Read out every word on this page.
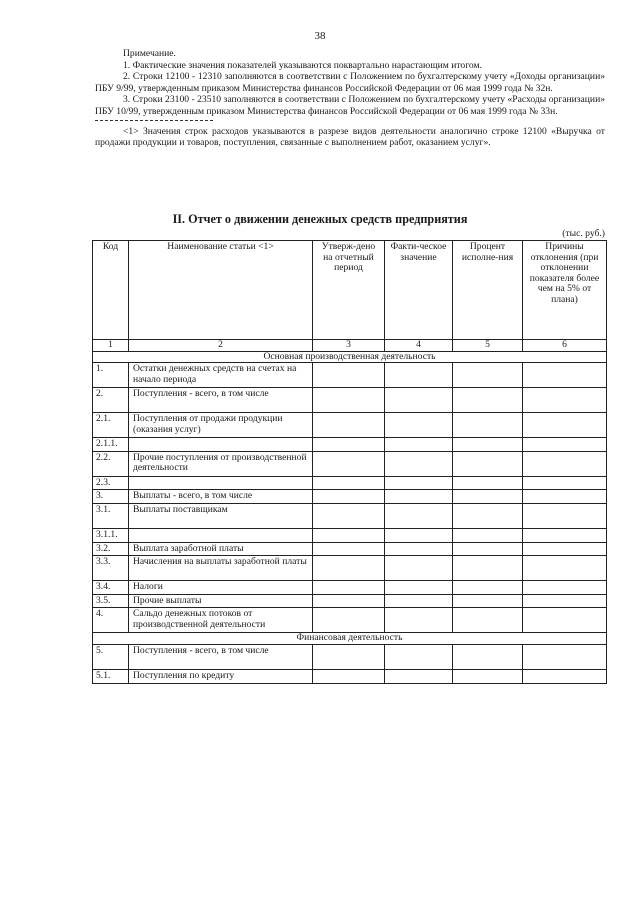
38

Примечание.

1. Фактические значения показателей указываются поквартально нарастающим итогом.

2. Строки 12100 - 12310 заполняются в соответствии с Положением по бухгалтерскому учету «Доходы организации» ПБУ 9/99, утвержденным приказом Министерства финансов Российской Федерации от 06 мая 1999 года № 32н.

3. Строки 23100 - 23510 заполняются в соответствии с Положением по бухгалтерскому учету «Расходы организации» ПБУ 10/99, утвержденным приказом Министерства финансов Российской Федерации от 06 мая 1999 года № 33н.

<1> Значения строк расходов указываются в разрезе видов деятельности аналогично строке 12100 «Выручка от продажи продукции и товаров, поступления, связанные с выполнением работ, оказанием услуг».

II. Отчет о движении денежных средств предприятия
(тыс. руб.)
Код	Наименование статьи <1>	Утверж-дено на отчетный период	Факти-ческое значение	Процент исполне-ния	Причины отклонения (при отклонении показателя более чем на 5% от плана)
1	2	3	4	5	6
Основная производственная деятельность					
1.	Остатки денежных средств на счетах на начало периода				
2.	Поступления - всего, в том числе				
2.1.	Поступления от продажи продукции (оказания услуг)				
2.1.1.					
2.2.	Прочие поступления от производственной деятельности				
2.3.					
3.	Выплаты - всего, в том числе				
3.1.	Выплаты поставщикам				
3.1.1.					
3.2.	Выплата заработной платы				
3.3.	Начисления на выплаты заработной платы				
3.4.	Налоги				
3.5.	Прочие выплаты				
4.	Сальдо денежных потоков от производственной деятельности				
Финансовая деятельность					
5.	Поступления - всего, в том числе				
5.1.	Поступления по кредиту				
